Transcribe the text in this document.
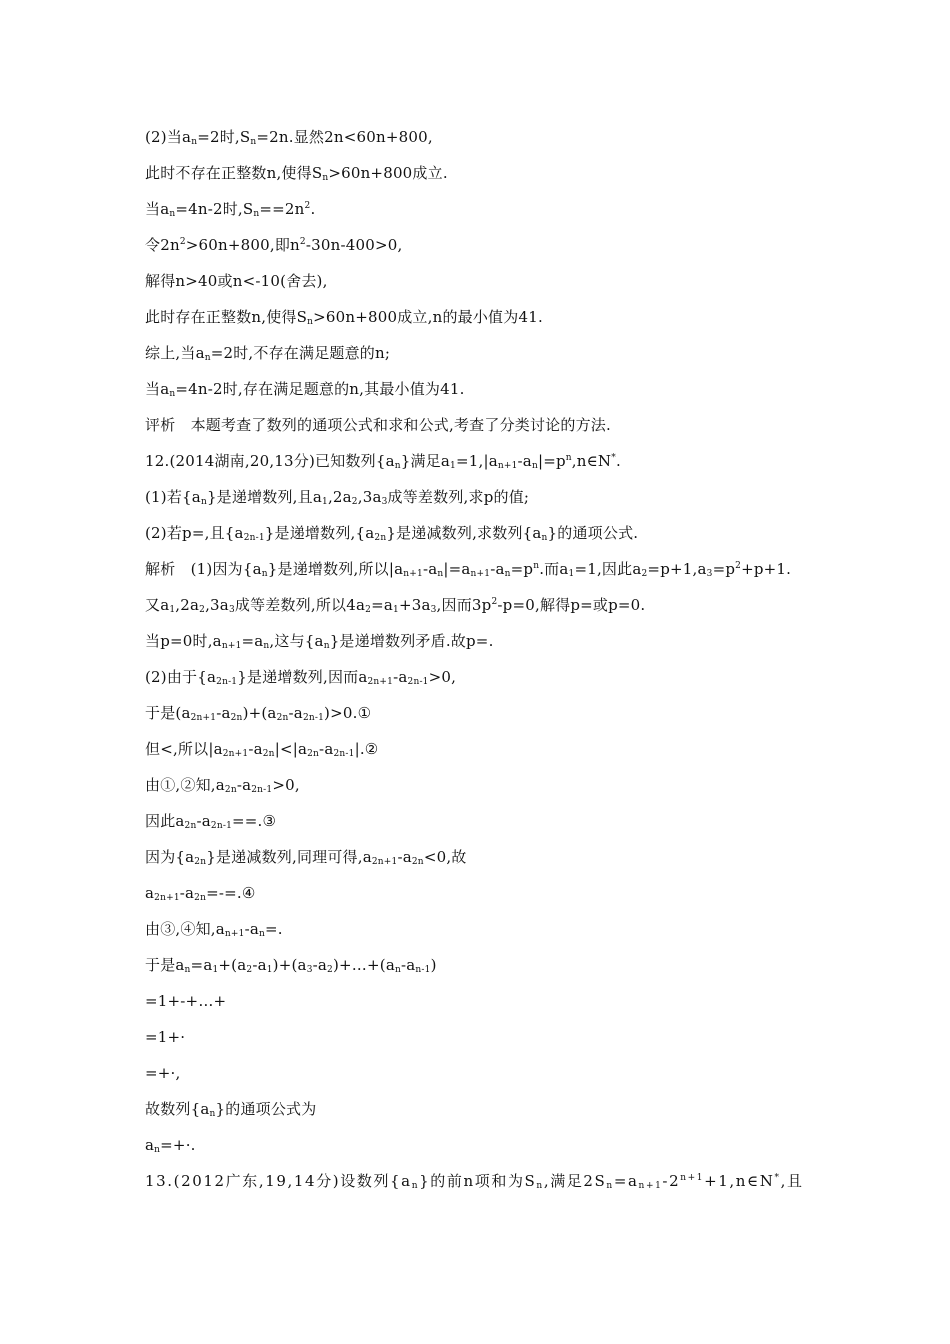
(2)当$a_n=2$时$,S_n=2n$.显然2n<60n+800,
此时不存在正整数n,使得$S_n>60n+800$成立.
当$a_n=4n-2$时$,S_n==2n^2$.
令$2n^2>60n+800$,即$n^2-30n-400>0$,
解得n>40或n<-10(舍去),
此时存在正整数n,使得$S_n>60n+800$成立,n的最小值为41.
综上,当$a_n=2$时,不存在满足题意的n;
当$a_n=4n-2$时,存在满足题意的n,其最小值为41.
评析　本题考查了数列的通项公式和求和公式,考查了分类讨论的方法.
12.(2014湖南,20,13分)已知数列$\{a_n\}$满足$a_1=1,|a_{n+1}-a_n|=p^n,n\in N^*$.
(1)若$\{a_n\}$是递增数列,且$a_1,2a_2,3a_3$成等差数列,求p的值;
(2)若p=,且$\{a_{2n-1}\}$是递增数列$,\{a_{2n}\}$是递减数列,求数列$\{a_n\}$的通项公式.
解析　(1)因为$\{a_n\}$是递增数列,所以$|a_{n+1}-a_n|=a_{n+1}-a_n=p^n$.而$a_1=1$,因此$a_2=p+1,a_3=p^2+p+1$.
又$a_1,2a_2,3a_3$成等差数列,所以$4a_2=a_1+3a_3$,因而$3p^2-p=0$,解得p=或p=0.
当p=0时$,a_{n+1}=a_n$,这与$\{a_n\}$是递增数列矛盾.故p=.
(2)由于$\{a_{2n-1}\}$是递增数列,因而$a_{2n+1}-a_{2n-1}>0$,
于是$(a_{2n+1}-a_{2n})+(a_{2n}-a_{2n-1})>0.①$
但<,所以$|a_{2n+1}-a_{2n}|<|a_{2n}-a_{2n-1}|.②$
由①,②知$,a_{2n}-a_{2n-1}>0$,
因此$a_{2n}-a_{2n-1}==.③$
因为$\{a_{2n}\}$是递减数列,同理可得$,a_{2n+1}-a_{2n}<0$,故
$a_{2n+1}-a_{2n}=-=.④$
由③,④知$,a_{n+1}-a_n=$.
于是$a_n=a_1+(a_2-a_1)+(a_3-a_2)+\dots+(a_n-a_{n-1})$
=1+-+…+
=1+·
=+·,
故数列$\{a_n\}$的通项公式为
$a_n=+\cdot$.
13.(2012广东,19,14分)设数列$\{a_n\}$的前n项和为$S_n$,满足$2S_n=a_{n+1}-2^{n+1}+1,n\in N^*$,且
